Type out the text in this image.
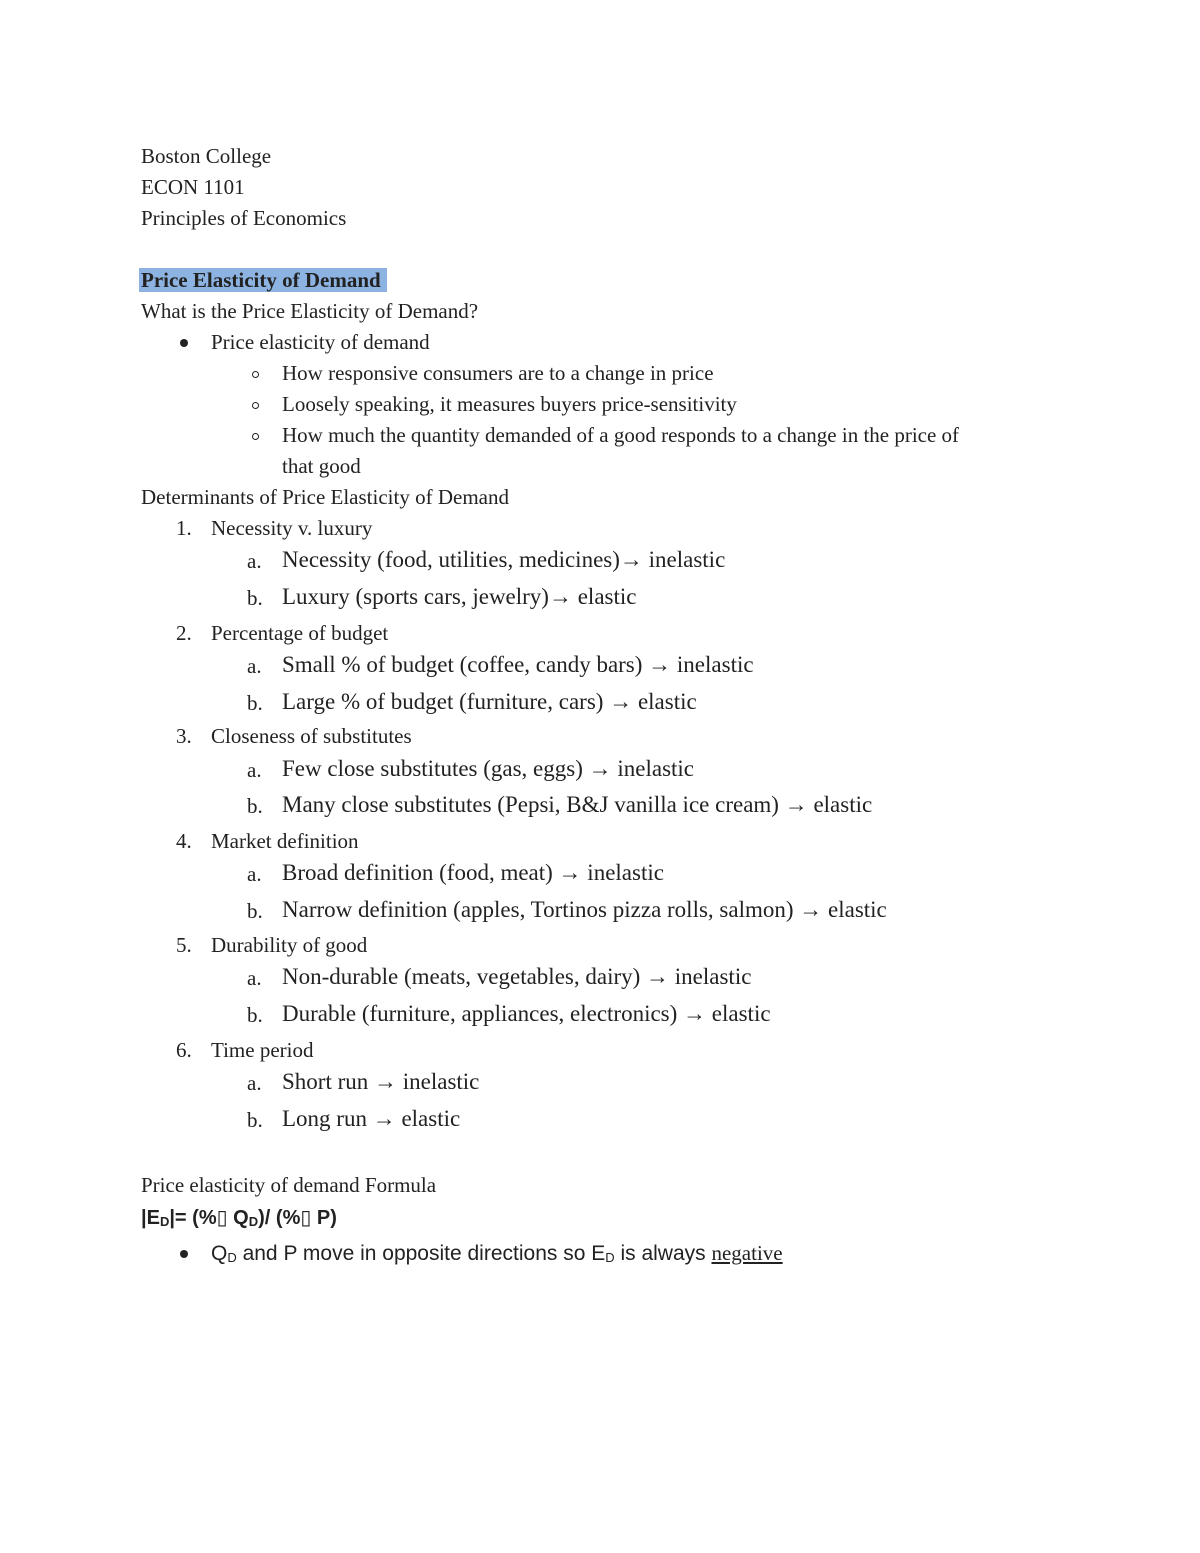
Boston College
ECON 1101
Principles of Economics
Price Elasticity of Demand
What is the Price Elasticity of Demand?
Price elasticity of demand
How responsive consumers are to a change in price
Loosely speaking, it measures buyers price-sensitivity
How much the quantity demanded of a good responds to a change in the price of
that good
Determinants of Price Elasticity of Demand
1. Necessity v. luxury
a. Necessity (food, utilities, medicines)→ inelastic
b. Luxury (sports cars, jewelry)→ elastic
2. Percentage of budget
a. Small % of budget (coffee, candy bars) → inelastic
b. Large % of budget (furniture, cars) → elastic
3. Closeness of substitutes
a. Few close substitutes (gas, eggs) → inelastic
b. Many close substitutes (Pepsi, B&J vanilla ice cream) → elastic
4. Market definition
a. Broad definition (food, meat) → inelastic
b. Narrow definition (apples, Tortinos pizza rolls, salmon) → elastic
5. Durability of good
a. Non-durable (meats, vegetables, dairy) → inelastic
b. Durable (furniture, appliances, electronics) → elastic
6. Time period
a. Short run → inelastic
b. Long run → elastic
Price elasticity of demand Formula
|ED|= (%▯ QD)/ (%▯ P)
QD and P move in opposite directions so ED is always negative
